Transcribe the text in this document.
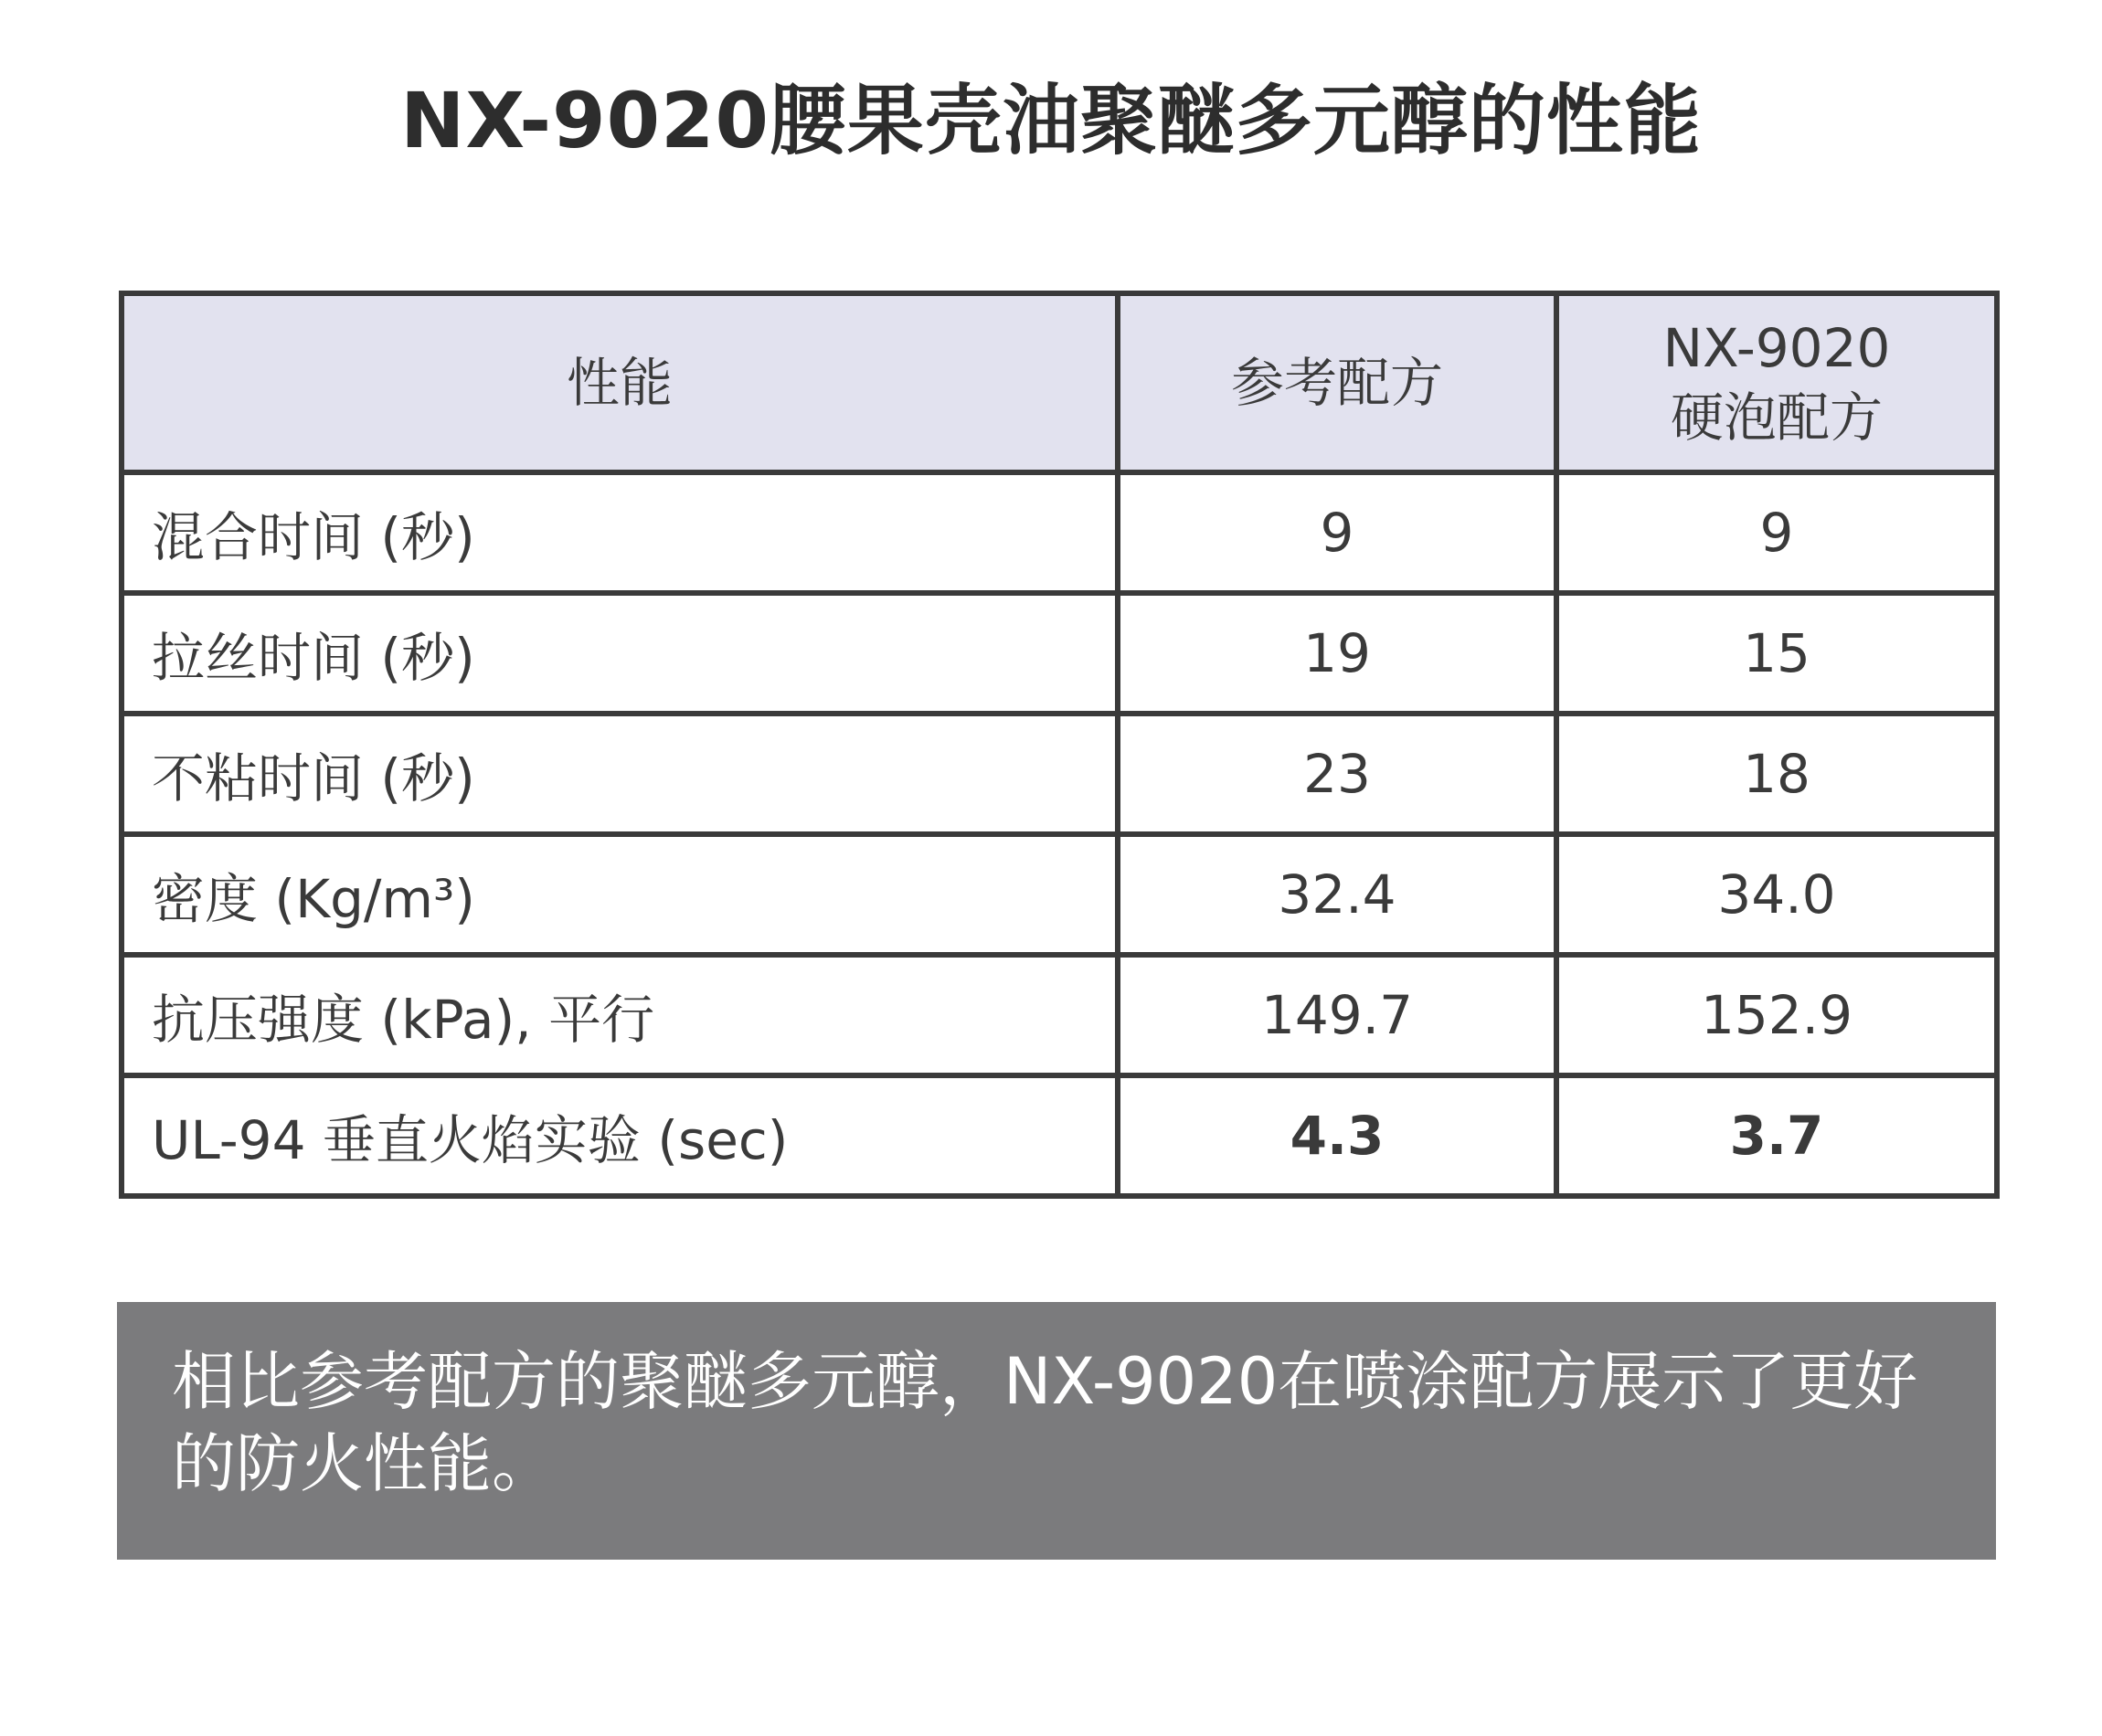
NX-9020腰果壳油聚醚多元醇的性能
性能	参考配方	NX-9020
硬泡配方

混合时间 (秒)	9	9
拉丝时间 (秒)	19	15
不粘时间 (秒)	23	18
密度 (Kg/m³)	32.4	34.0
抗压强度 (kPa), 平行	149.7	152.9
UL-94 垂直火焰实验 (sec)	4.3	3.7

相比参考配方的聚醚多元醇，NX-9020在喷涂配方展示了更好的防火性能。
